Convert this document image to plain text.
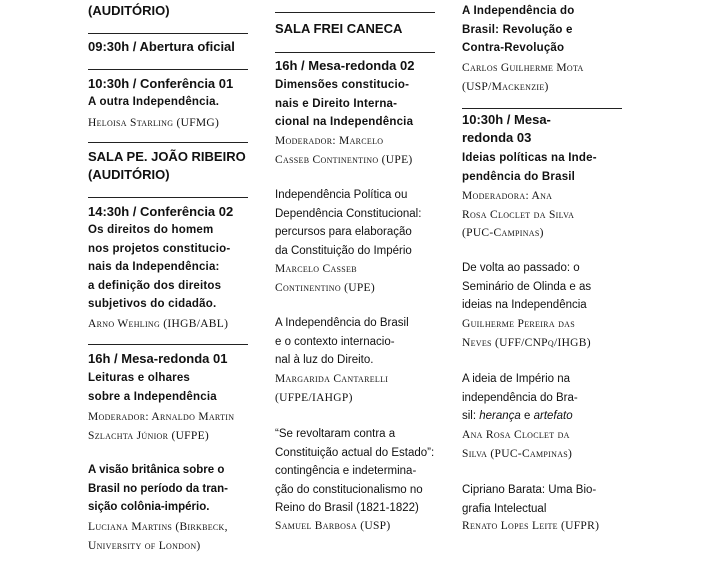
(AUDITÓRIO)

09:30h / Abertura oficial

10:30h / Conferência 01

A outra Independência.

Heloisa Starling (UFMG)

SALA PE. JOÃO RIBEIRO

(AUDITÓRIO)

14:30h / Conferência 02

Os direitos do homem

nos projetos constitucio-

nais da Independência:

a definição dos direitos

subjetivos do cidadão.

Arno Wehling (IHGB/ABL)

16h / Mesa-redonda 01

Leituras e olhares

sobre a Independência

Moderador: Arnaldo Martin

Szlachta Júnior (UFPE)

A visão britânica sobre o

Brasil no período da tran-

sição colônia-império.

Luciana Martins (Birkbeck,

University of London)

SALA FREI CANECA

16h / Mesa-redonda 02

Dimensões constitucio-

nais e Direito Interna-

cional na Independência

Moderador: Marcelo

Casseb Continentino (UPE)

Independência Política ou

Dependência Constitucional:

percursos para elaboração

da Constituição do Império

Marcelo Casseb

Continentino (UPE)

A Independência do Brasil

e o contexto internacio-

nal à luz do Direito.

Margarida Cantarelli

(UFPE/IAHGP)

“Se revoltaram contra a

Constituição actual do Estado”:

contingência e indetermina-

ção do constitucionalismo no

Reino do Brasil (1821-1822)

Samuel Barbosa (USP)

A Independência do

Brasil: Revolução e

Contra-Revolução

Carlos Guilherme Mota

(USP/Mackenzie)

10:30h / Mesa-

redonda 03

Ideias políticas na Inde-

pendência do Brasil

Moderadora: Ana

Rosa Cloclet da Silva

(PUC-Campinas)

De volta ao passado: o

Seminário de Olinda e as

ideias na Independência

Guilherme Pereira das

Neves (UFF/CNPq/IHGB)

A ideia de Império na

independência do Bra-

sil: herança e artefato

Ana Rosa Cloclet da

Silva (PUC-Campinas)

Cipriano Barata: Uma Bio-

grafia Intelectual

Renato Lopes Leite (UFPR)
